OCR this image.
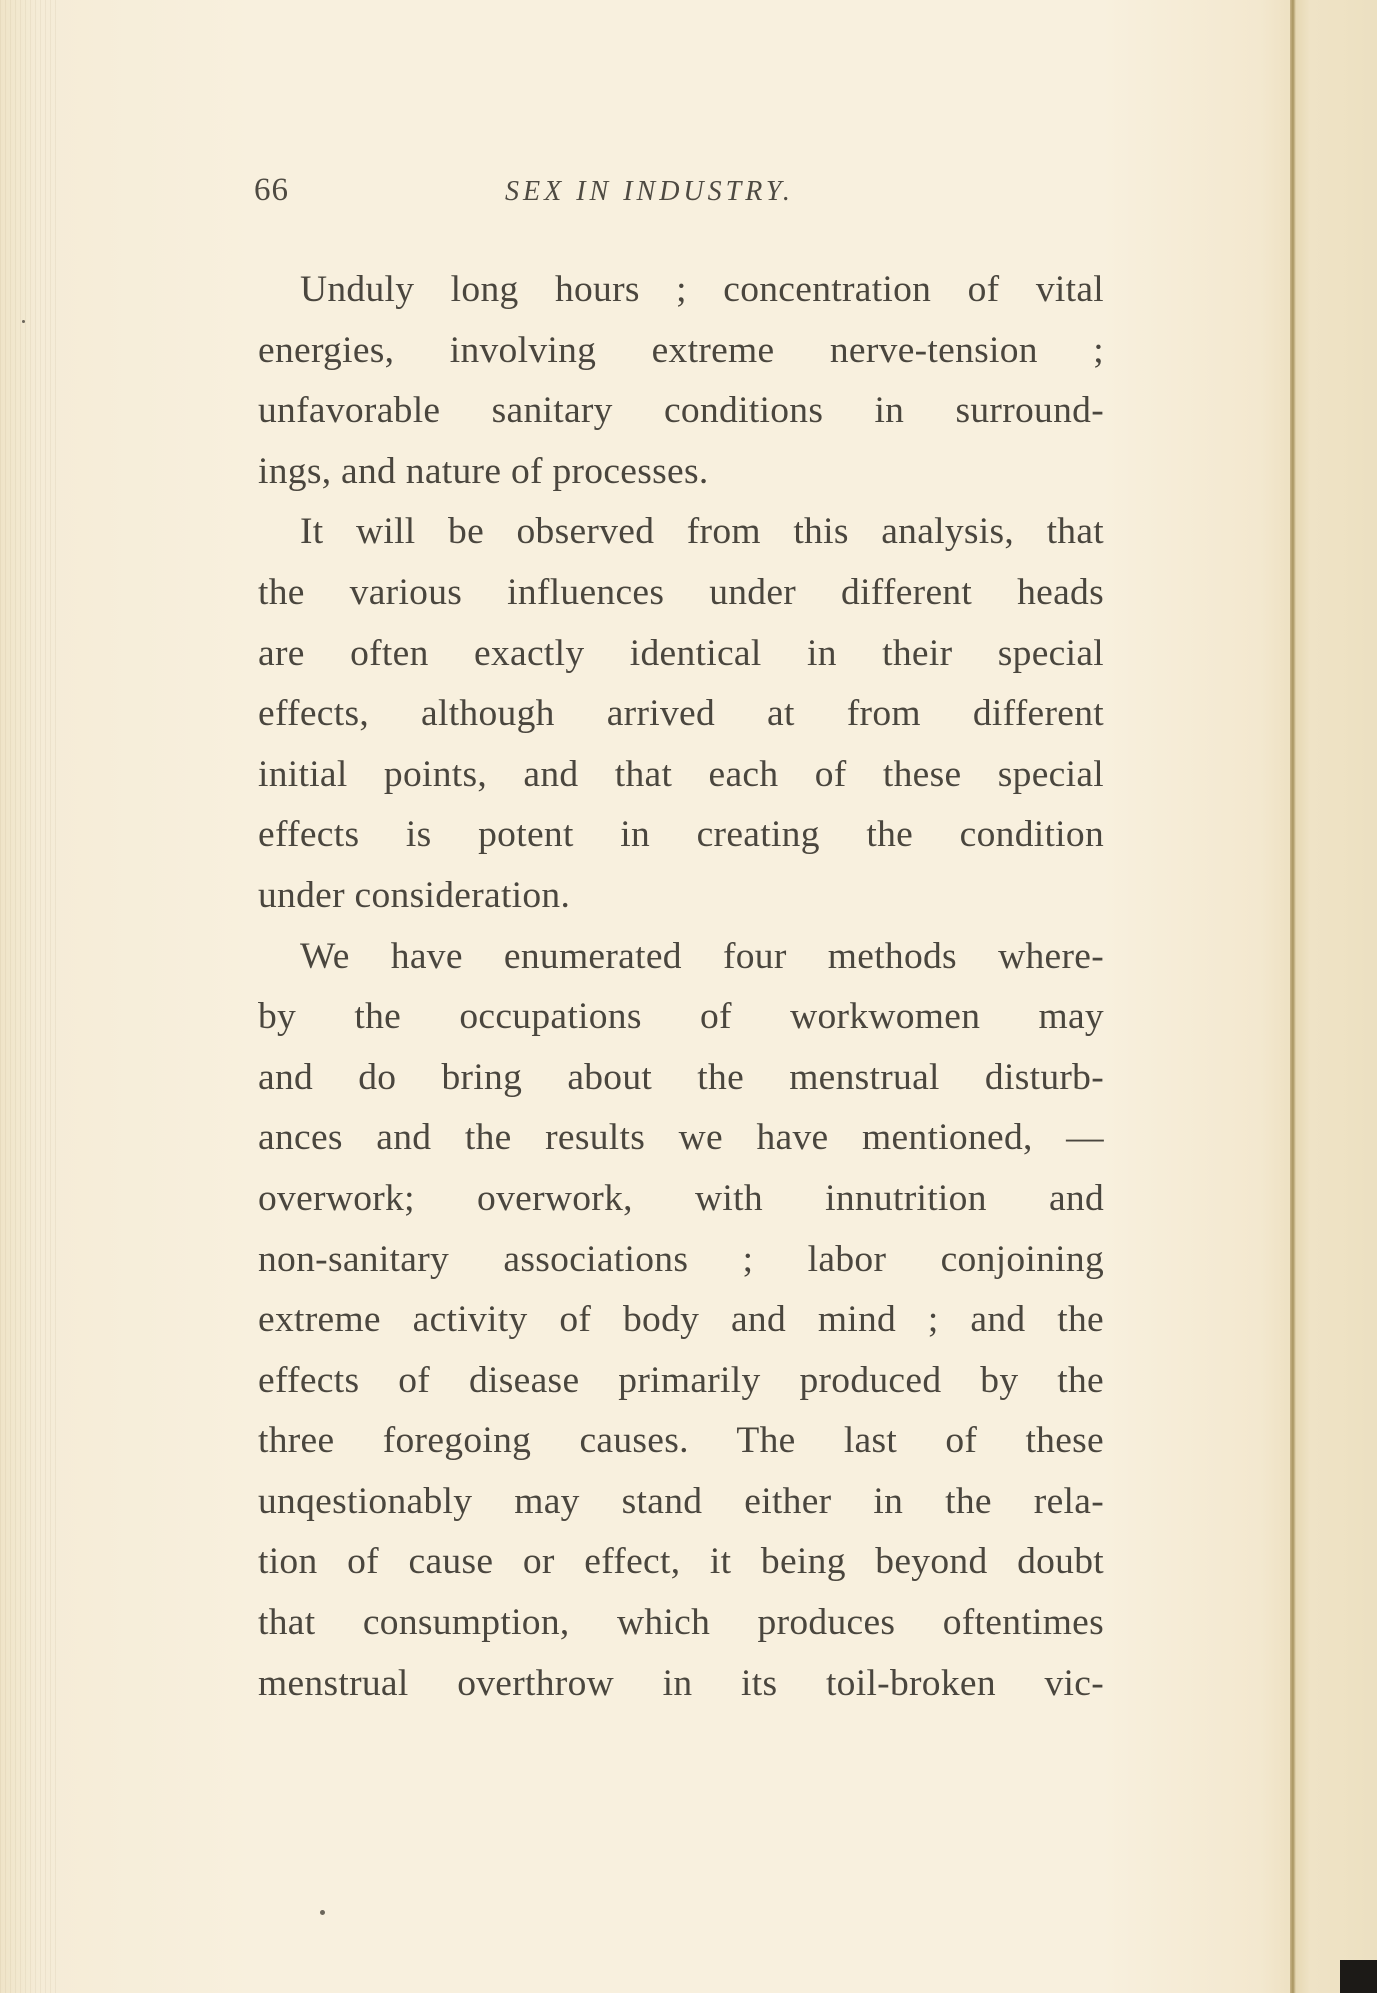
66	SEX IN INDUSTRY.

Unduly long hours ; concentration of vital
energies, involving extreme nerve-tension ;
unfavorable sanitary conditions in surround-
ings, and nature of processes.

It will be observed from this analysis, that
the various influences under different heads
are often exactly identical in their special
effects, although arrived at from different
initial points, and that each of these special
effects is potent in creating the condition
under consideration.

We have enumerated four methods where-
by the occupations of workwomen may
and do bring about the menstrual disturb-
ances and the results we have mentioned, —
overwork; overwork, with innutrition and
non-sanitary associations ; labor conjoining
extreme activity of body and mind ; and the
effects of disease primarily produced by the
three foregoing causes. The last of these
unqestionably may stand either in the rela-
tion of cause or effect, it being beyond doubt
that consumption, which produces oftentimes
menstrual overthrow in its toil-broken vic-
